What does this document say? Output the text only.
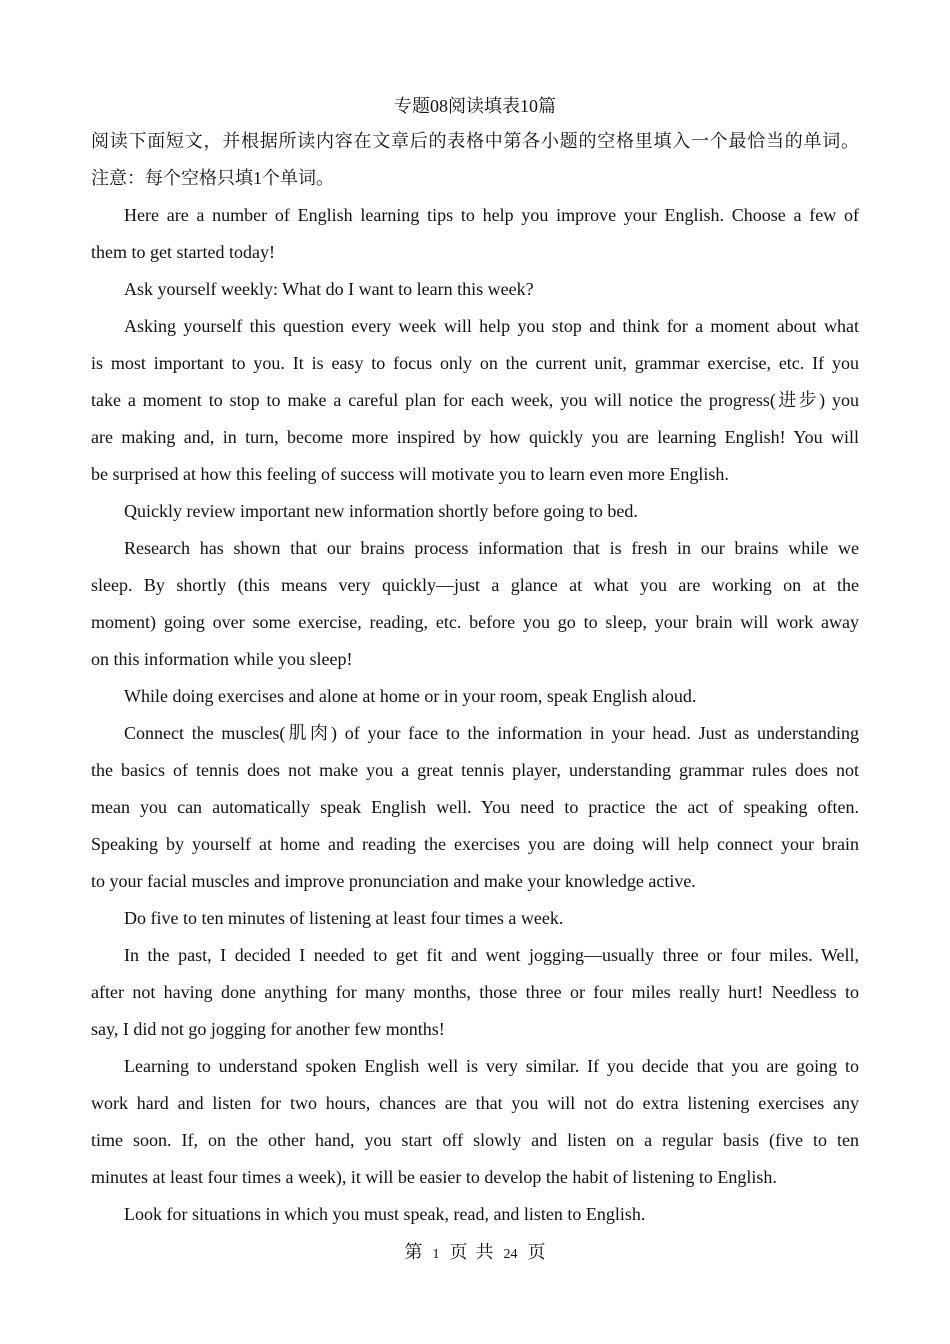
专题08阅读填表10篇
阅读下面短文，并根据所读内容在文章后的表格中第各小题的空格里填入一个最恰当的单词。
注意：每个空格只填1个单词。
Here are a number of English learning tips to help you improve your English. Choose a few of
them to get started today!
Ask yourself weekly: What do I want to learn this week?
Asking yourself this question every week will help you stop and think for a moment about what
is most important to you. It is easy to focus only on the current unit, grammar exercise, etc. If you
take a moment to stop to make a careful plan for each week, you will notice the progress(进步) you
are making and, in turn, become more inspired by how quickly you are learning English! You will
be surprised at how this feeling of success will motivate you to learn even more English.
Quickly review important new information shortly before going to bed.
Research has shown that our brains process information that is fresh in our brains while we
sleep. By shortly (this means very quickly—just a glance at what you are working on at the
moment) going over some exercise, reading, etc. before you go to sleep, your brain will work away
on this information while you sleep!
While doing exercises and alone at home or in your room, speak English aloud.
Connect the muscles(肌肉) of your face to the information in your head. Just as understanding
the basics of tennis does not make you a great tennis player, understanding grammar rules does not
mean you can automatically speak English well. You need to practice the act of speaking often.
Speaking by yourself at home and reading the exercises you are doing will help connect your brain
to your facial muscles and improve pronunciation and make your knowledge active.
Do five to ten minutes of listening at least four times a week.
In the past, I decided I needed to get fit and went jogging—usually three or four miles. Well,
after not having done anything for many months, those three or four miles really hurt! Needless to
say, I did not go jogging for another few months!
Learning to understand spoken English well is very similar. If you decide that you are going to
work hard and listen for two hours, chances are that you will not do extra listening exercises any
time soon. If, on the other hand, you start off slowly and listen on a regular basis (five to ten
minutes at least four times a week), it will be easier to develop the habit of listening to English.
Look for situations in which you must speak, read, and listen to English.
第 1 页 共 24 页
